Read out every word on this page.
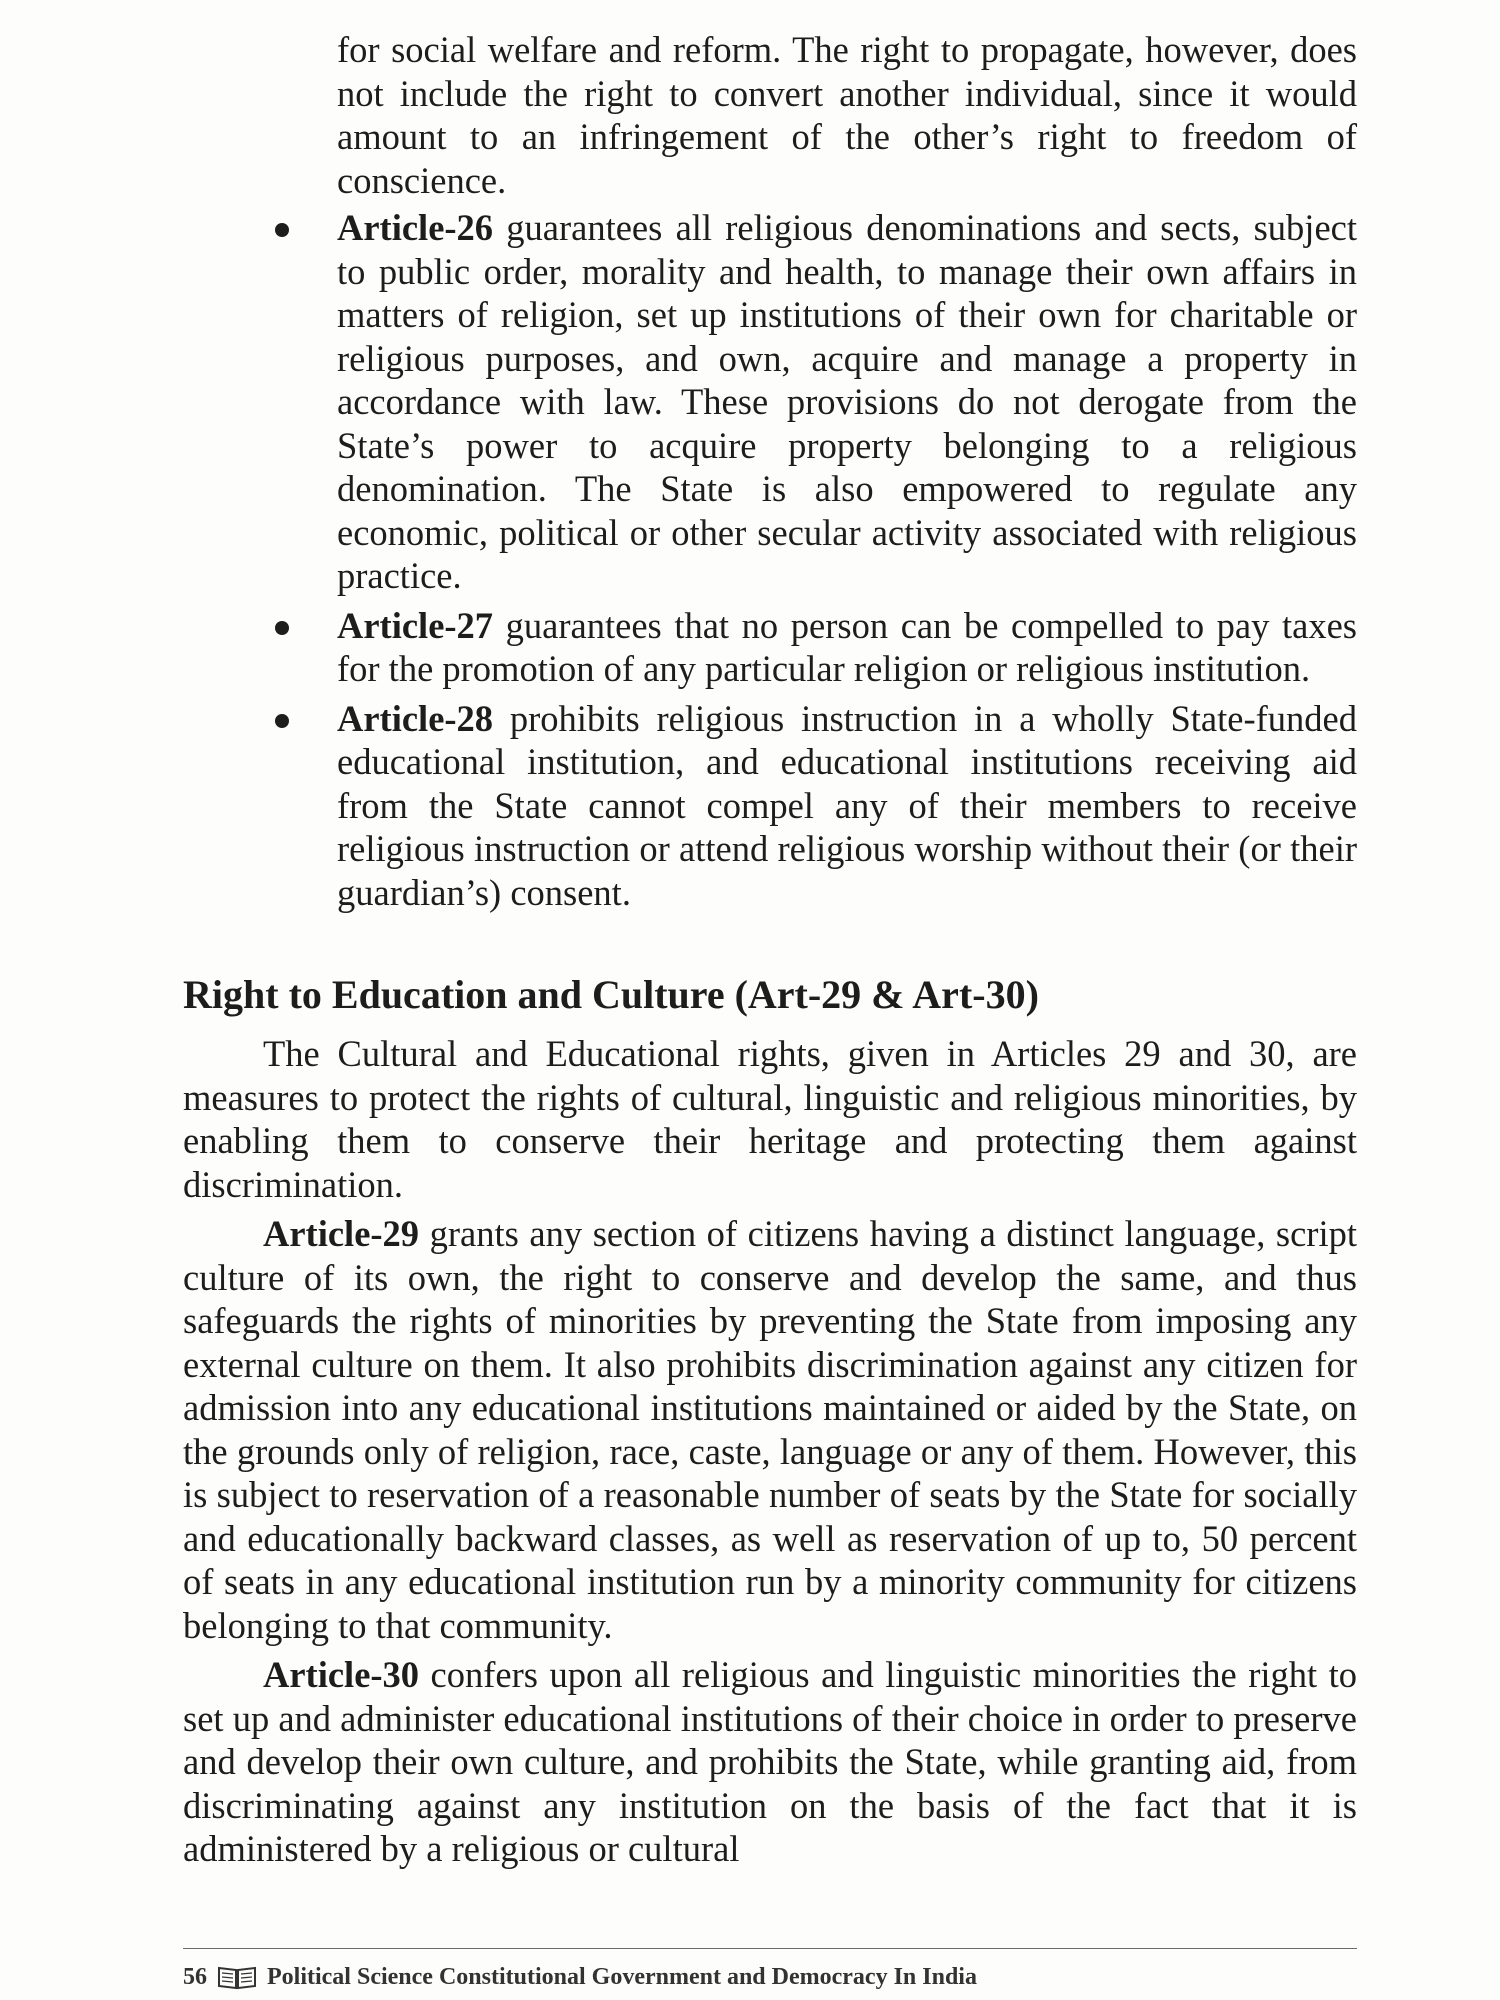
for social welfare and reform. The right to propagate, however, does not include the right to convert another individual, since it would amount to an infringement of the other’s right to freedom of conscience.

Article-26 guarantees all religious denominations and sects, subject to public order, morality and health, to manage their own affairs in matters of religion, set up institutions of their own for charitable or religious purposes, and own, acquire and manage a property in accordance with law. These provisions do not derogate from the State’s power to acquire property belonging to a religious denomination. The State is also empowered to regulate any economic, political or other secular activity associated with religious practice.
Article-27 guarantees that no person can be compelled to pay taxes for the promotion of any particular religion or religious institution.
Article-28 prohibits religious instruction in a wholly State-funded educational institution, and educational institutions receiving aid from the State cannot compel any of their members to receive religious instruction or attend religious worship without their (or their guardian’s) consent.
Right to Education and Culture (Art-29 & Art-30)

The Cultural and Educational rights, given in Articles 29 and 30, are measures to protect the rights of cultural, linguistic and religious minorities, by enabling them to conserve their heritage and protecting them against discrimination.

Article-29 grants any section of citizens having a distinct language, script culture of its own, the right to conserve and develop the same, and thus safeguards the rights of minorities by preventing the State from imposing any external culture on them. It also prohibits discrimination against any citizen for admission into any educational institutions maintained or aided by the State, on the grounds only of religion, race, caste, language or any of them. However, this is subject to reservation of a reasonable number of seats by the State for socially and educationally backward classes, as well as reservation of up to, 50 percent of seats in any educational institution run by a minority community for citizens belonging to that community.

Article-30 confers upon all religious and linguistic minorities the right to set up and administer educational institutions of their choice in order to preserve and develop their own culture, and prohibits the State, while granting aid, from discriminating against any institution on the basis of the fact that it is administered by a religious or cultural

56	Political Science Constitutional Government and Democracy In India
